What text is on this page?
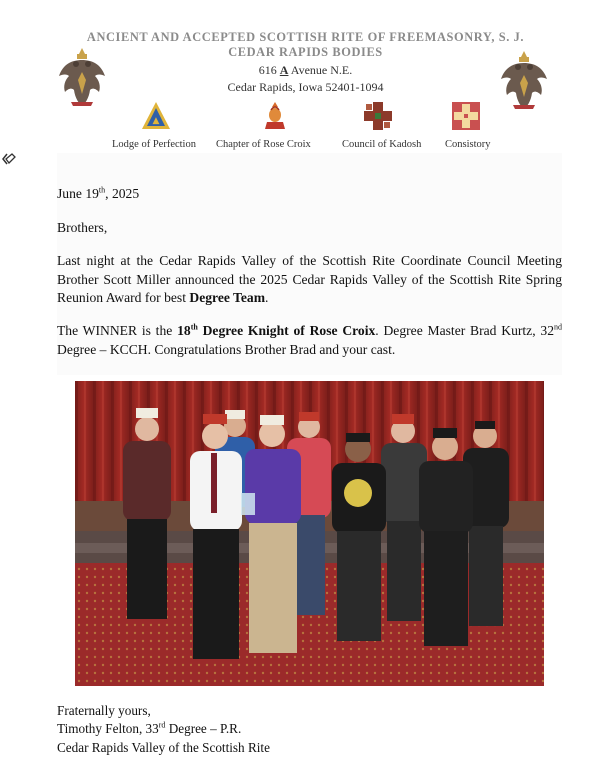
ANCIENT AND ACCEPTED SCOTTISH RITE OF FREEMASONRY, S. J.
CEDAR RAPIDS BODIES
616 A Avenue N.E.
Cedar Rapids, Iowa 52401-1094
▲
Lodge of Perfection Chapter of Rose Croix	Council of Kadosh Consistory
June 19th, 2025
Brothers,
Last night at the Cedar Rapids Valley of the Scottish Rite Coordinate Council Meeting Brother Scott Miller announced the 2025 Cedar Rapids Valley of the Scottish Rite Spring Reunion Award for best Degree Team.
The WINNER is the 18th Degree Knight of Rose Croix. Degree Master Brad Kurtz, 32nd Degree – KCCH. Congratulations Brother Brad and your cast.
Fraternally yours,
Timothy Felton, 33rd Degree – P.R.
Cedar Rapids Valley of the Scottish Rite
